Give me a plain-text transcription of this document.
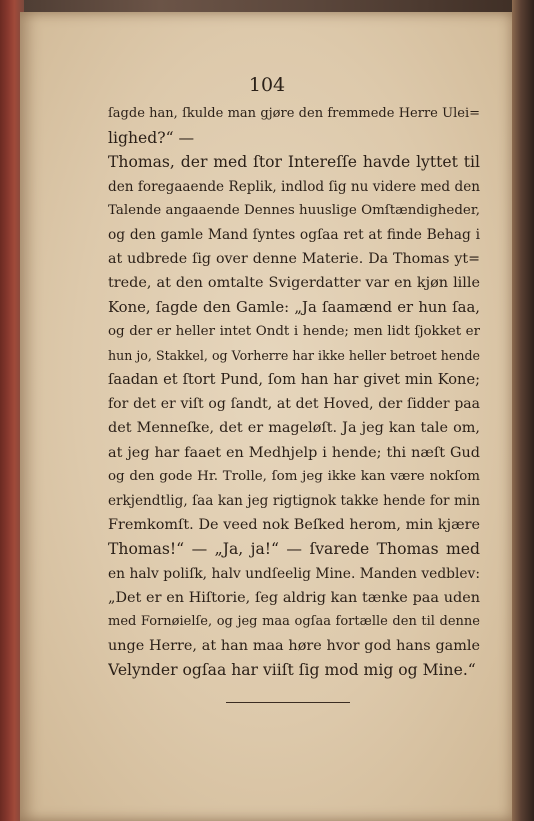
104
ſagde han, ſkulde man gjøre den fremmede Herre Ulei=
lighed?“ —
Thomas, der med ſtor Intereſſe havde lyttet til
den foregaaende Replik, indlod ſig nu videre med den
Talende angaaende Dennes huuslige Omſtændigheder,
og den gamle Mand ſyntes ogſaa ret at finde Behag i
at udbrede ſig over denne Materie. Da Thomas yt=
trede, at den omtalte Svigerdatter var en kjøn lille
Kone, ſagde den Gamle: „Ja ſaamænd er hun ſaa,
og der er heller intet Ondt i hende; men lidt ſjokket er
hun jo, Stakkel, og Vorherre har ikke heller betroet hende
ſaadan et ſtort Pund, ſom han har givet min Kone;
for det er viſt og ſandt, at det Hoved, der ſidder paa
det Menneſke, det er mageløſt. Ja jeg kan tale om,
at jeg har faaet en Medhjelp i hende; thi næſt Gud
og den gode Hr. Trolle, ſom jeg ikke kan være nokſom
erkjendtlig, ſaa kan jeg rigtignok takke hende for min
Fremkomſt. De veed nok Beſked herom, min kjære
Thomas!“ — „Ja, ja!“ — ſvarede Thomas med
en halv poliſk, halv undſeelig Mine. Manden vedblev:
„Det er en Hiſtorie, ſeg aldrig kan tænke paa uden
med Fornøielſe, og jeg maa ogſaa fortælle den til denne
unge Herre, at han maa høre hvor god hans gamle
Velynder ogſaa har viiſt ſig mod mig og Mine.“
